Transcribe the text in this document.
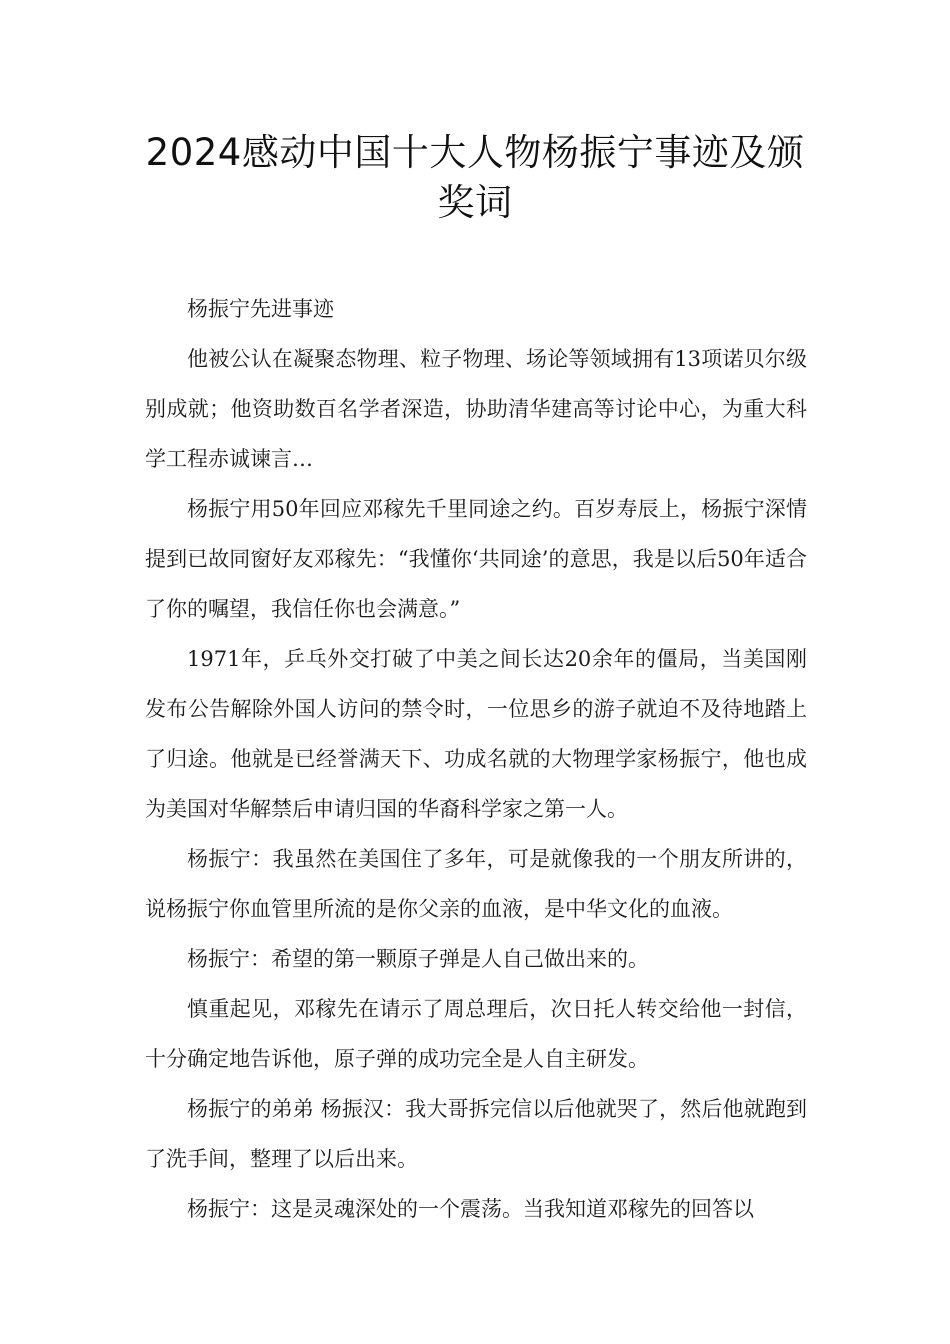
2024感动中国十大人物杨振宁事迹及颁奖词

杨振宁先进事迹

他被公认在凝聚态物理、粒子物理、场论等领域拥有13项诺贝尔级别成就；他资助数百名学者深造，协助清华建高等讨论中心，为重大科学工程赤诚谏言…

杨振宁用50年回应邓稼先千里同途之约。百岁寿辰上，杨振宁深情提到已故同窗好友邓稼先：“我懂你‘共同途’的意思，我是以后50年适合了你的嘱望，我信任你也会满意。”

1971年，乒乓外交打破了中美之间长达20余年的僵局，当美国刚发布公告解除外国人访问的禁令时，一位思乡的游子就迫不及待地踏上了归途。他就是已经誉满天下、功成名就的大物理学家杨振宁，他也成为美国对华解禁后申请归国的华裔科学家之第一人。

杨振宁：我虽然在美国住了多年，可是就像我的一个朋友所讲的，说杨振宁你血管里所流的是你父亲的血液，是中华文化的血液。

杨振宁：希望的第一颗原子弹是人自己做出来的。

慎重起见，邓稼先在请示了周总理后，次日托人转交给他一封信，十分确定地告诉他，原子弹的成功完全是人自主研发。

杨振宁的弟弟 杨振汉：我大哥拆完信以后他就哭了，然后他就跑到了洗手间，整理了以后出来。

杨振宁：这是灵魂深处的一个震荡。当我知道邓稼先的回答以
